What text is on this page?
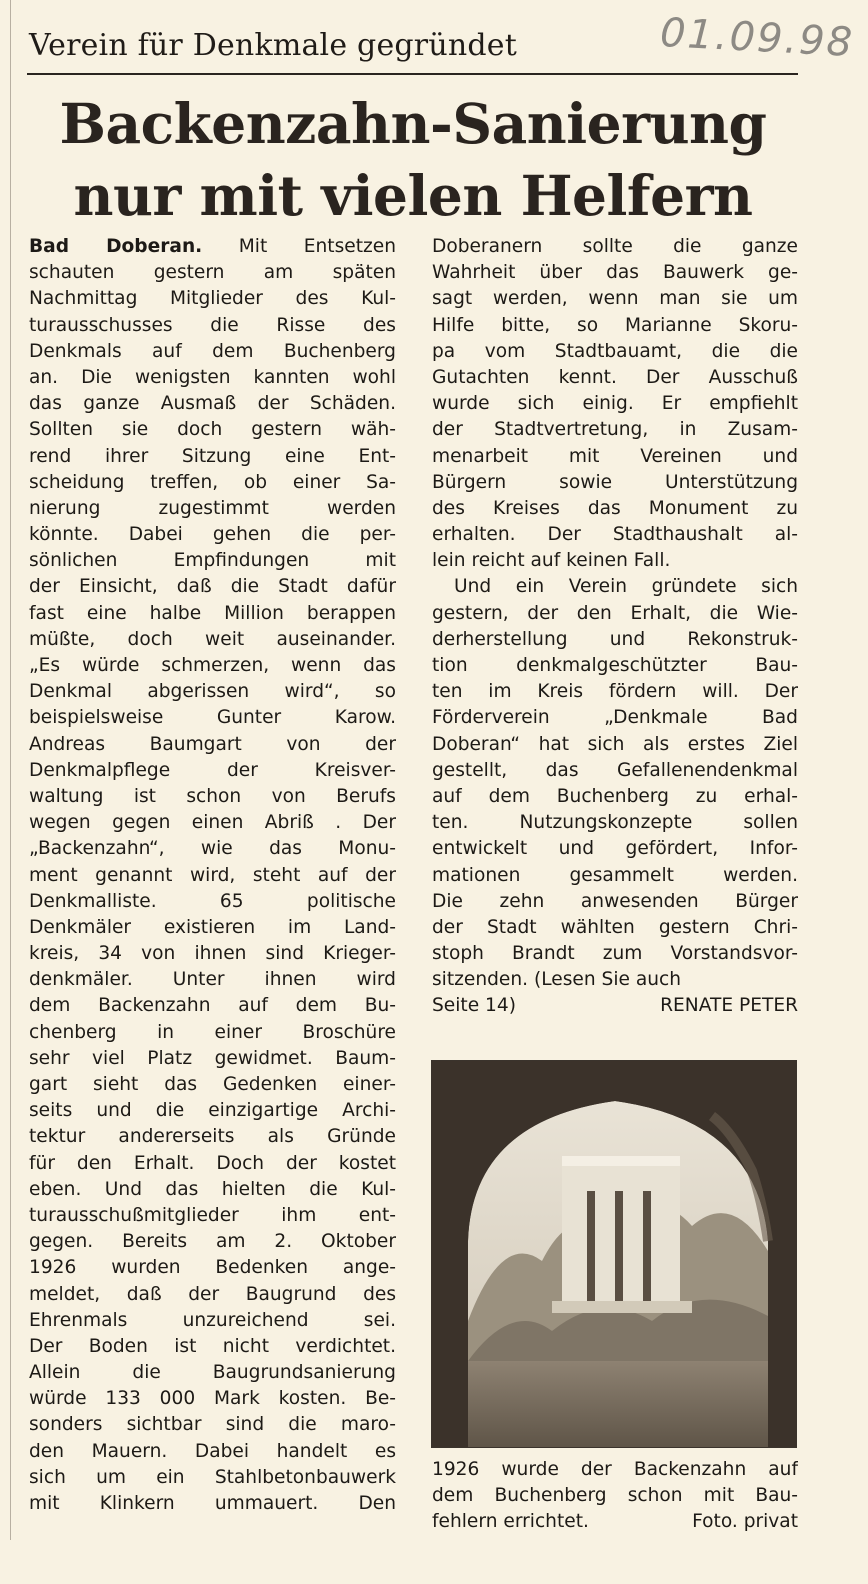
Verein für Denkmale gegründet	01.09.98
Backenzahn-Sanierung
nur mit vielen Helfern
Bad Doberan. Mit Entsetzen
schauten gestern am späten
Nachmittag Mitglieder des Kul-
turausschusses die Risse des
Denkmals auf dem Buchenberg
an. Die wenigsten kannten wohl
das ganze Ausmaß der Schäden.
Sollten sie doch gestern wäh-
rend ihrer Sitzung eine Ent-
scheidung treffen, ob einer Sa-
nierung zugestimmt werden
könnte. Dabei gehen die per-
sönlichen Empfindungen mit
der Einsicht, daß die Stadt dafür
fast eine halbe Million berappen
müßte, doch weit auseinander.
„Es würde schmerzen, wenn das
Denkmal abgerissen wird“, so
beispielsweise Gunter Karow.
Andreas Baumgart von der
Denkmalpflege der Kreisver-
waltung ist schon von Berufs
wegen gegen einen Abriß . Der
„Backenzahn“, wie das Monu-
ment genannt wird, steht auf der
Denkmalliste. 65 politische
Denkmäler existieren im Land-
kreis, 34 von ihnen sind Krieger-
denkmäler. Unter ihnen wird
dem Backenzahn auf dem Bu-
chenberg in einer Broschüre
sehr viel Platz gewidmet. Baum-
gart sieht das Gedenken einer-
seits und die einzigartige Archi-
tektur andererseits als Gründe
für den Erhalt. Doch der kostet
eben. Und das hielten die Kul-
turausschußmitglieder ihm ent-
gegen. Bereits am 2. Oktober
1926 wurden Bedenken ange-
meldet, daß der Baugrund des
Ehrenmals unzureichend sei.
Der Boden ist nicht verdichtet.
Allein die Baugrundsanierung
würde 133 000 Mark kosten. Be-
sonders sichtbar sind die maro-
den Mauern. Dabei handelt es
sich um ein Stahlbetonbauwerk
mit Klinkern ummauert. Den
Doberanern sollte die ganze
Wahrheit über das Bauwerk ge-
sagt werden, wenn man sie um
Hilfe bitte, so Marianne Skoru-
pa vom Stadtbauamt, die die
Gutachten kennt. Der Ausschuß
wurde sich einig. Er empfiehlt
der Stadtvertretung, in Zusam-
menarbeit mit Vereinen und
Bürgern sowie Unterstützung
des Kreises das Monument zu
erhalten. Der Stadthaushalt al-
lein reicht auf keinen Fall.
Und ein Verein gründete sich
gestern, der den Erhalt, die Wie-
derherstellung und Rekonstruk-
tion denkmalgeschützter Bau-
ten im Kreis fördern will. Der
Förderverein „Denkmale Bad
Doberan“ hat sich als erstes Ziel
gestellt, das Gefallenendenkmal
auf dem Buchenberg zu erhal-
ten. Nutzungskonzepte sollen
entwickelt und gefördert, Infor-
mationen gesammelt werden.
Die zehn anwesenden Bürger
der Stadt wählten gestern Chri-
stoph Brandt zum Vorstandsvor-
sitzenden. (Lesen Sie auch
Seite 14)	RENATE PETER
1926 wurde der Backenzahn auf
dem Buchenberg schon mit Bau-
fehlern errichtet.	Foto. privat
